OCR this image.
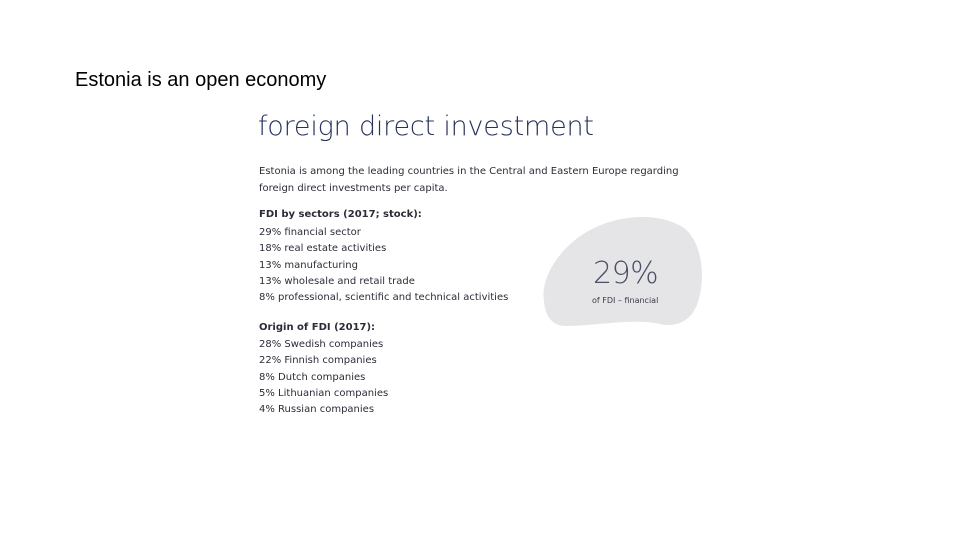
Estonia is an open economy
foreign direct investment
Estonia is among the leading countries in the Central and Eastern Europe regarding foreign direct investments per capita.
FDI by sectors (2017; stock):
29% financial sector
18% real estate activities
13% manufacturing
13% wholesale and retail trade
8% professional, scientific and technical activities
Origin of FDI (2017):
28% Swedish companies
22% Finnish companies
8% Dutch companies
5% Lithuanian companies
4% Russian companies
29%
of FDI – financial
